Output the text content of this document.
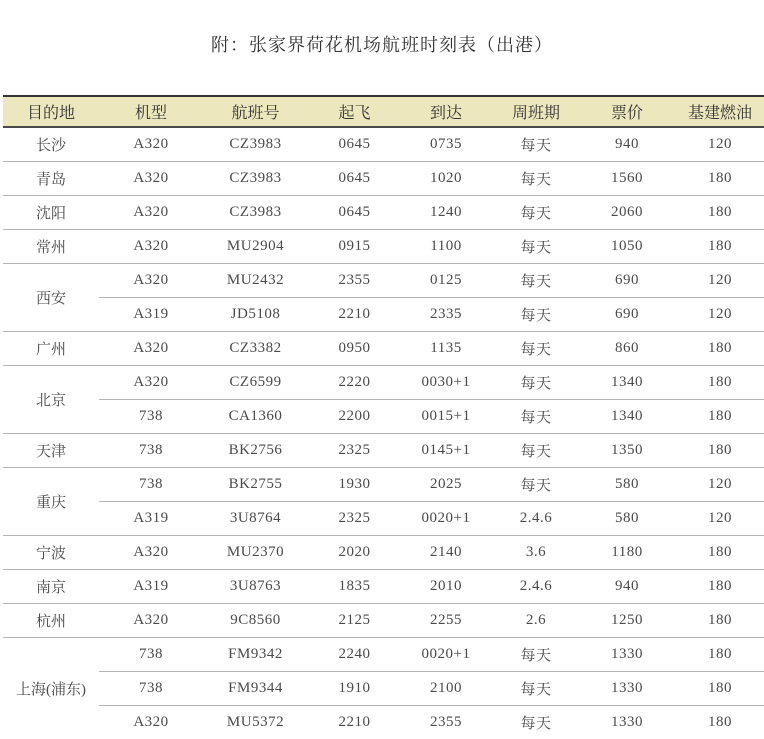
附：张家界荷花机场航班时刻表（出港）
目的地	机型	航班号	起飞	到达	周班期	票价	基建燃油
长沙	A320	CZ3983	0645	0735	每天	940	120
青岛	A320	CZ3983	0645	1020	每天	1560	180
沈阳	A320	CZ3983	0645	1240	每天	2060	180
常州	A320	MU2904	0915	1100	每天	1050	180
西安	A320	MU2432	2355	0125	每天	690	120
	A319	JD5108	2210	2335	每天	690	120
广州	A320	CZ3382	0950	1135	每天	860	180
北京	A320	CZ6599	2220	0030+1	每天	1340	180
	738	CA1360	2200	0015+1	每天	1340	180
天津	738	BK2756	2325	0145+1	每天	1350	180
重庆	738	BK2755	1930	2025	每天	580	120
	A319	3U8764	2325	0020+1	2.4.6	580	120
宁波	A320	MU2370	2020	2140	3.6	1180	180
南京	A319	3U8763	1835	2010	2.4.6	940	180
杭州	A320	9C8560	2125	2255	2.6	1250	180
上海(浦东)	738	FM9342	2240	0020+1	每天	1330	180
	738	FM9344	1910	2100	每天	1330	180
	A320	MU5372	2210	2355	每天	1330	180
